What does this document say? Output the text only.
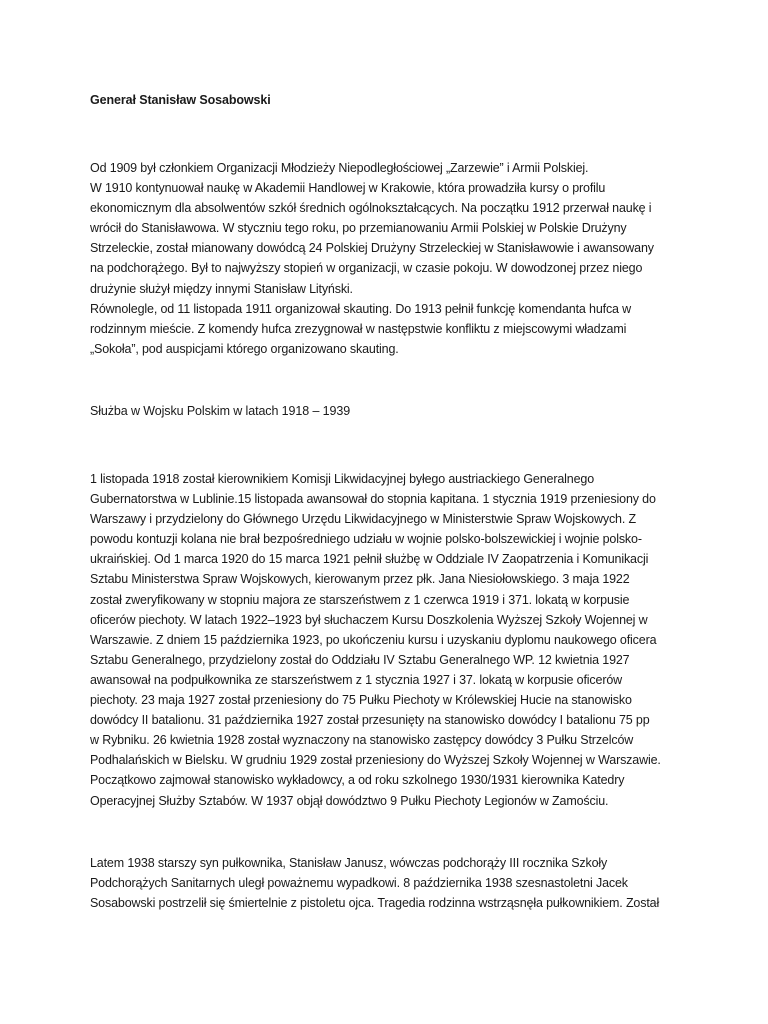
Generał Stanisław Sosabowski
Od 1909 był członkiem Organizacji Młodzieży Niepodległościowej „Zarzewie” i Armii Polskiej.
W 1910 kontynuował naukę w Akademii Handlowej w Krakowie, która prowadziła kursy o profilu
ekonomicznym dla absolwentów szkół średnich ogólnokształcących. Na początku 1912 przerwał naukę i
wrócił do Stanisławowa. W styczniu tego roku, po przemianowaniu Armii Polskiej w Polskie Drużyny
Strzeleckie, został mianowany dowódcą 24 Polskiej Drużyny Strzeleckiej w Stanisławowie i awansowany
na podchorążego. Był to najwyższy stopień w organizacji, w czasie pokoju. W dowodzonej przez niego
drużynie służył między innymi Stanisław Lityński.
Równolegle, od 11 listopada 1911 organizował skauting. Do 1913 pełnił funkcję komendanta hufca w
rodzinnym mieście. Z komendy hufca zrezygnował w następstwie konfliktu z miejscowymi władzami
„Sokoła”, pod auspicjami którego organizowano skauting.
Służba w Wojsku Polskim w latach 1918 – 1939
1 listopada 1918 został kierownikiem Komisji Likwidacyjnej byłego austriackiego Generalnego
Gubernatorstwa w Lublinie.15 listopada awansował do stopnia kapitana. 1 stycznia 1919 przeniesiony do
Warszawy i przydzielony do Głównego Urzędu Likwidacyjnego w Ministerstwie Spraw Wojskowych. Z
powodu kontuzji kolana nie brał bezpośredniego udziału w wojnie polsko-bolszewickiej i wojnie polsko-
ukraińskiej. Od 1 marca 1920 do 15 marca 1921 pełnił służbę w Oddziale IV Zaopatrzenia i Komunikacji
Sztabu Ministerstwa Spraw Wojskowych, kierowanym przez płk. Jana Niesiołowskiego. 3 maja 1922
został zweryfikowany w stopniu majora ze starszeństwem z 1 czerwca 1919 i 371. lokatą w korpusie
oficerów piechoty. W latach 1922–1923 był słuchaczem Kursu Doszkolenia Wyższej Szkoły Wojennej w
Warszawie. Z dniem 15 października 1923, po ukończeniu kursu i uzyskaniu dyplomu naukowego oficera
Sztabu Generalnego, przydzielony został do Oddziału IV Sztabu Generalnego WP. 12 kwietnia 1927
awansował na podpułkownika ze starszeństwem z 1 stycznia 1927 i 37. lokatą w korpusie oficerów
piechoty. 23 maja 1927 został przeniesiony do 75 Pułku Piechoty w Królewskiej Hucie na stanowisko
dowódcy II batalionu. 31 października 1927 został przesunięty na stanowisko dowódcy I batalionu 75 pp
w Rybniku. 26 kwietnia 1928 został wyznaczony na stanowisko zastępcy dowódcy 3 Pułku Strzelców
Podhalańskich w Bielsku. W grudniu 1929 został przeniesiony do Wyższej Szkoły Wojennej w Warszawie.
Początkowo zajmował stanowisko wykładowcy, a od roku szkolnego 1930/1931 kierownika Katedry
Operacyjnej Służby Sztabów. W 1937 objął dowództwo 9 Pułku Piechoty Legionów w Zamościu.
Latem 1938 starszy syn pułkownika, Stanisław Janusz, wówczas podchorąży III rocznika Szkoły
Podchorążych Sanitarnych uległ poważnemu wypadkowi. 8 października 1938 szesnastoletni Jacek
Sosabowski postrzelił się śmiertelnie z pistoletu ojca. Tragedia rodzinna wstrząsnęła pułkownikiem. Został
